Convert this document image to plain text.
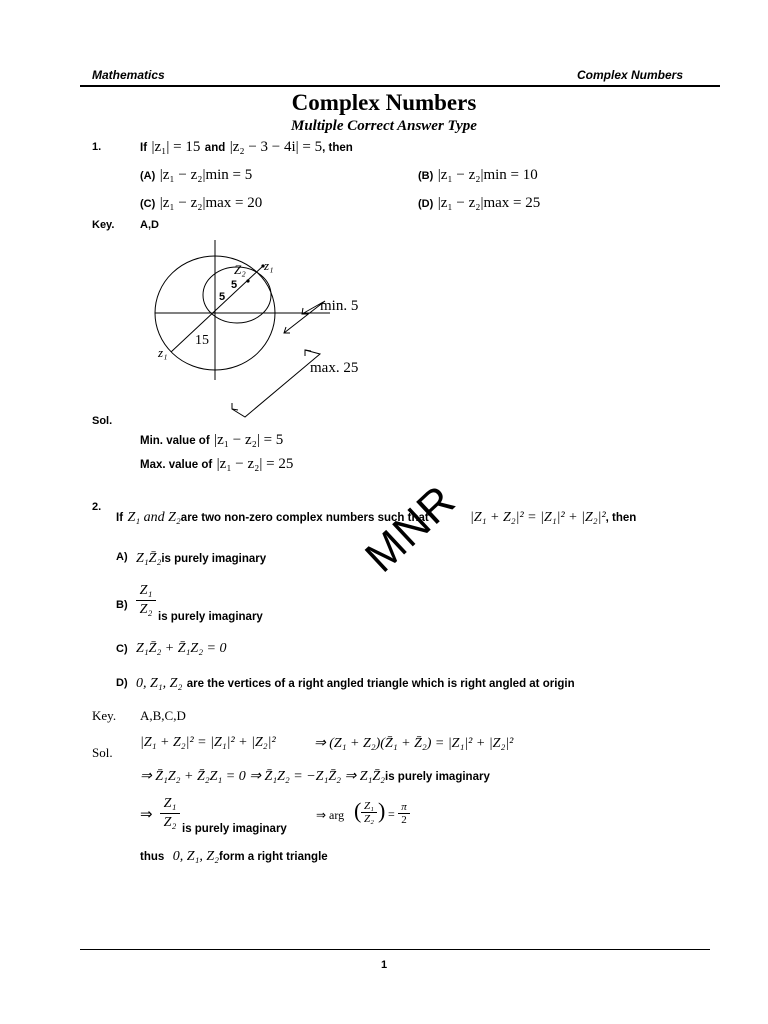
Mathematics	Complex Numbers
Complex Numbers
Multiple Correct Answer Type
MNR
1.	If |z₁| = 15 and |z₂ − 3 − 4i| = 5, then
(A) |z₁ − z₂|min = 5	(B) |z₁ − z₂|min = 10
(C) |z₁ − z₂|max = 20	(D) |z₁ − z₂|max = 25
Key. A,D
Z₂ z₁
z₁
5
5
15
min. 5
max. 25
Sol.
Min. value of |z₁ − z₂| = 5
Max. value of |z₁ − z₂| = 25
2.
If Z₁ and Z₂are two non-zero complex numbers such that	|Z₁ + Z₂|² = |Z₁|² + |Z₂|², then
A) Z₁Z̄₂is purely imaginary
B)
Z₁
Z₂ is purely imaginary
C) Z₁Z̄₂ + Z̄₁Z₂ = 0
D) 0, Z₁, Z₂ are the vertices of a right angled triangle which is right angled at origin
Key. A,B,C,D
Sol.
|Z₁ + Z₂|² = |Z₁|² + |Z₂|²	⇒ (Z₁ + Z₂)(Z̄₁ + Z̄₂) = |Z₁|² + |Z₂|²
⇒ Z̄₁Z₂ + Z̄₂Z₁ = 0 ⇒ Z̄₁Z₂ = −Z₁Z̄₂ ⇒ Z₁Z̄₂is purely imaginary
⇒
Z₁
Z₂ is purely imaginary
⇒ arg ( Z₁
Z₂ ) = π
2
thus 0, Z₁, Z₂form a right triangle
1
